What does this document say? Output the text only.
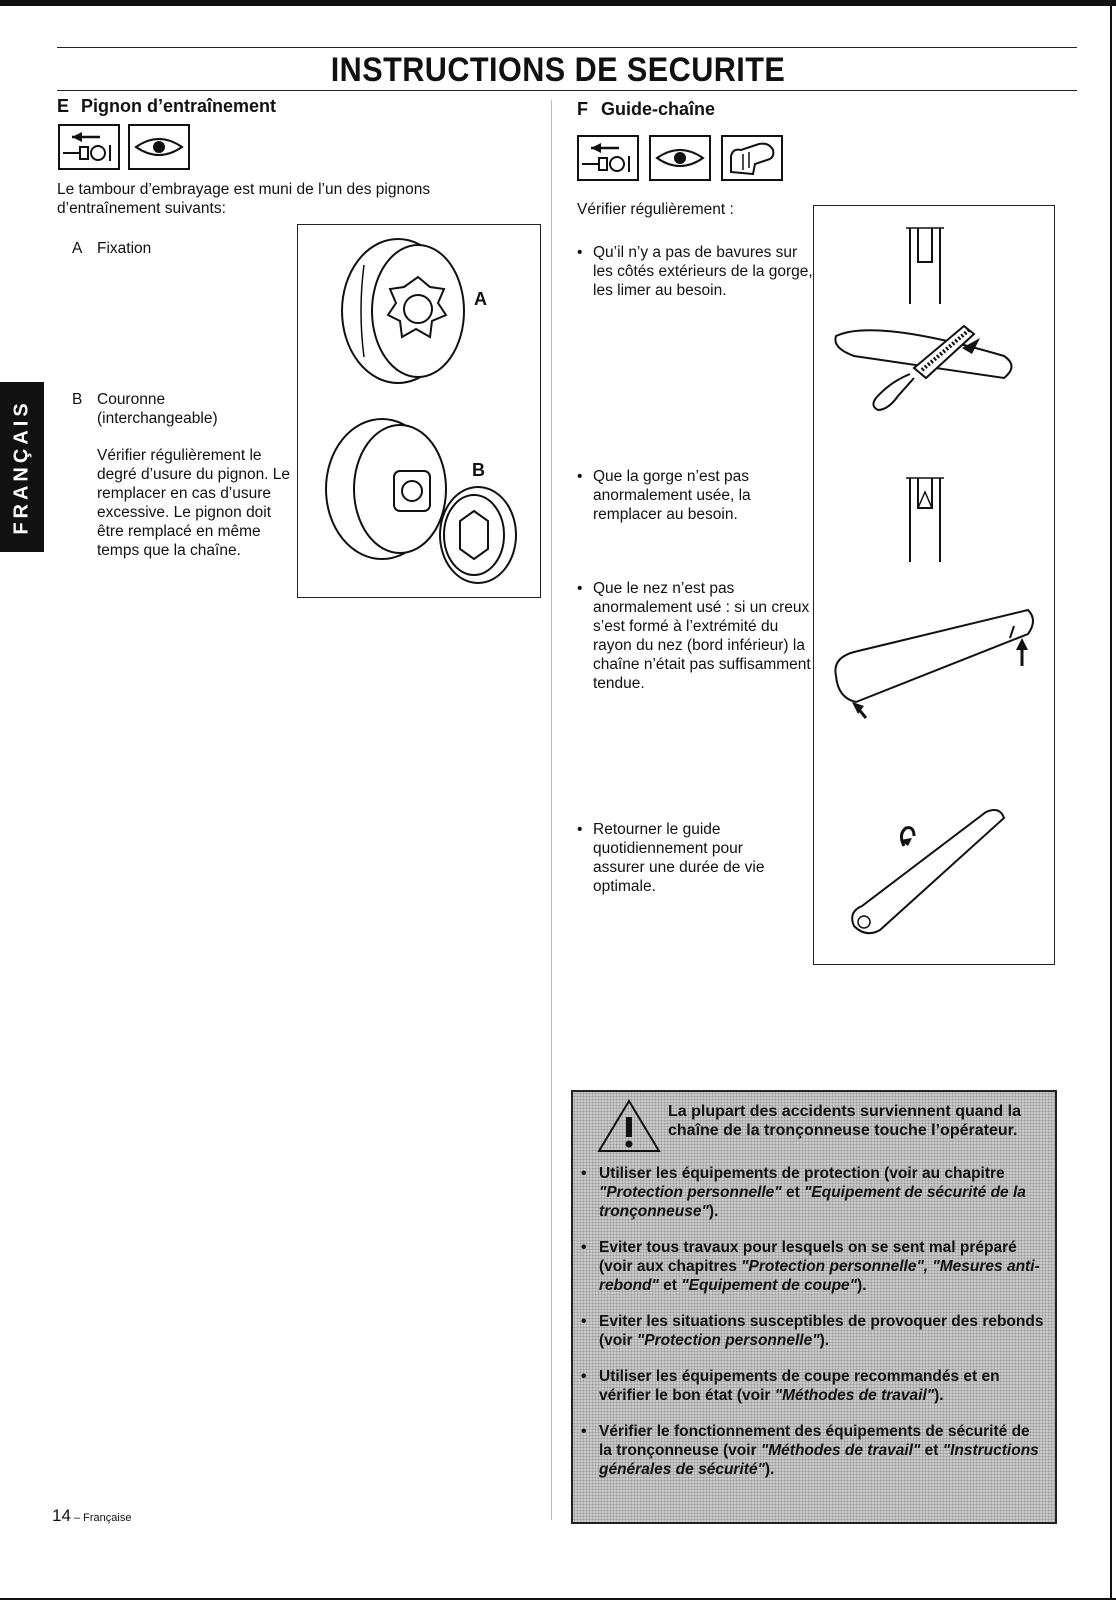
INSTRUCTIONS DE SECURITE
FRANÇAIS
E Pignon d’entraînement
Le tambour d’embrayage est muni de l’un des pignons d’entraînement suivants:
A Fixation
B Couronne (interchangeable)
Vérifier régulièrement le degré d’usure du pignon. Le remplacer en cas d’usure excessive. Le pignon doit être remplacé en même temps que la chaîne.
A
B
F Guide-chaîne
Vérifier régulièrement :
• Qu’il n’y a pas de bavures sur les côtés extérieurs de la gorge, les limer au besoin.
• Que la gorge n’est pas anormalement usée, la remplacer au besoin.
• Que le nez n’est pas anormalement usé : si un creux s’est formé à l’extrémité du rayon du nez (bord inférieur) la chaîne n’était pas suffisamment tendue.
• Retourner le guide quotidiennement pour assurer une durée de vie optimale.
La plupart des accidents surviennent quand la chaîne de la tronçonneuse touche l’opérateur.
• Utiliser les équipements de protection (voir au chapitre "Protection personnelle" et "Equipement de sécurité de la tronçonneuse").
• Eviter tous travaux pour lesquels on se sent mal préparé (voir aux chapitres "Protection personnelle", "Mesures anti-rebond" et "Equipement de coupe").
• Eviter les situations susceptibles de provoquer des rebonds (voir "Protection personnelle").
• Utiliser les équipements de coupe recommandés et en vérifier le bon état (voir "Méthodes de travail").
• Vérifier le fonctionnement des équipements de sécurité de la tronçonneuse (voir "Méthodes de travail" et "Instructions générales de sécurité").
14 – Française
